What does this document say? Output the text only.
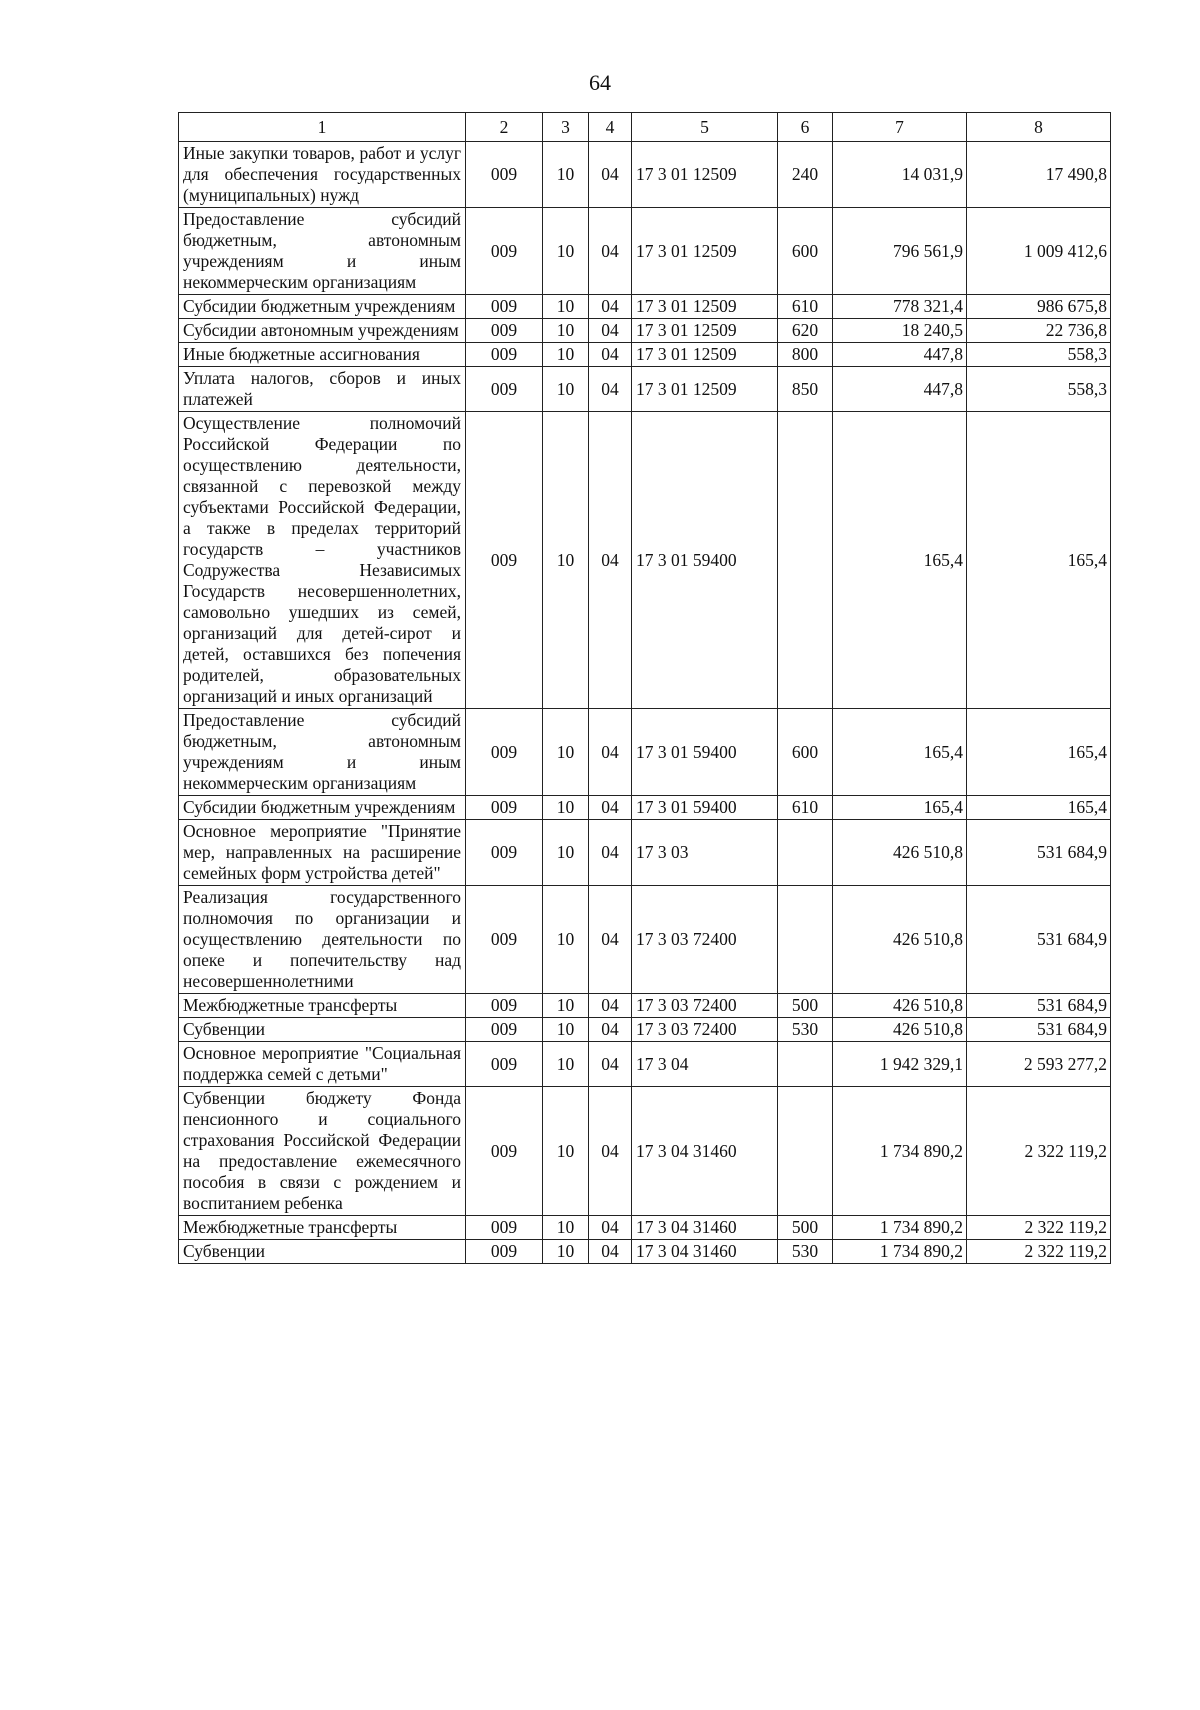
64
1	2	3	4	5	6	7	8
Иные закупки товаров, работ и услуг для обеспечения государственных (муниципальных) нужд	009	10	04	17 3 01 12509	240	14 031,9	17 490,8
Предоставление субсидий бюджетным, автономным учреждениям и иным некоммерческим организациям	009	10	04	17 3 01 12509	600	796 561,9	1 009 412,6
Субсидии бюджетным учреждениям	009	10	04	17 3 01 12509	610	778 321,4	986 675,8
Субсидии автономным учреждениям	009	10	04	17 3 01 12509	620	18 240,5	22 736,8
Иные бюджетные ассигнования	009	10	04	17 3 01 12509	800	447,8	558,3
Уплата налогов, сборов и иных платежей	009	10	04	17 3 01 12509	850	447,8	558,3
Осуществление полномочий Российской Федерации по осуществлению деятельности, связанной с перевозкой между субъектами Российской Федерации, а также в пределах территорий государств – участников Содружества Независимых Государств несовершеннолетних, самовольно ушедших из семей, организаций для детей-сирот и детей, оставшихся без попечения родителей, образовательных организаций и иных организаций	009	10	04	17 3 01 59400		165,4	165,4
Предоставление субсидий бюджетным, автономным учреждениям и иным некоммерческим организациям	009	10	04	17 3 01 59400	600	165,4	165,4
Субсидии бюджетным учреждениям	009	10	04	17 3 01 59400	610	165,4	165,4
Основное мероприятие "Принятие мер, направленных на расширение семейных форм устройства детей"	009	10	04	17 3 03		426 510,8	531 684,9
Реализация государственного полномочия по организации и осуществлению деятельности по опеке и попечительству над несовершеннолетними	009	10	04	17 3 03 72400		426 510,8	531 684,9
Межбюджетные трансферты	009	10	04	17 3 03 72400	500	426 510,8	531 684,9
Субвенции	009	10	04	17 3 03 72400	530	426 510,8	531 684,9
Основное мероприятие "Социальная поддержка семей с детьми"	009	10	04	17 3 04		1 942 329,1	2 593 277,2
Субвенции бюджету Фонда пенсионного и социального страхования Российской Федерации на предоставление ежемесячного пособия в связи с рождением и воспитанием ребенка	009	10	04	17 3 04 31460		1 734 890,2	2 322 119,2
Межбюджетные трансферты	009	10	04	17 3 04 31460	500	1 734 890,2	2 322 119,2
Субвенции	009	10	04	17 3 04 31460	530	1 734 890,2	2 322 119,2
